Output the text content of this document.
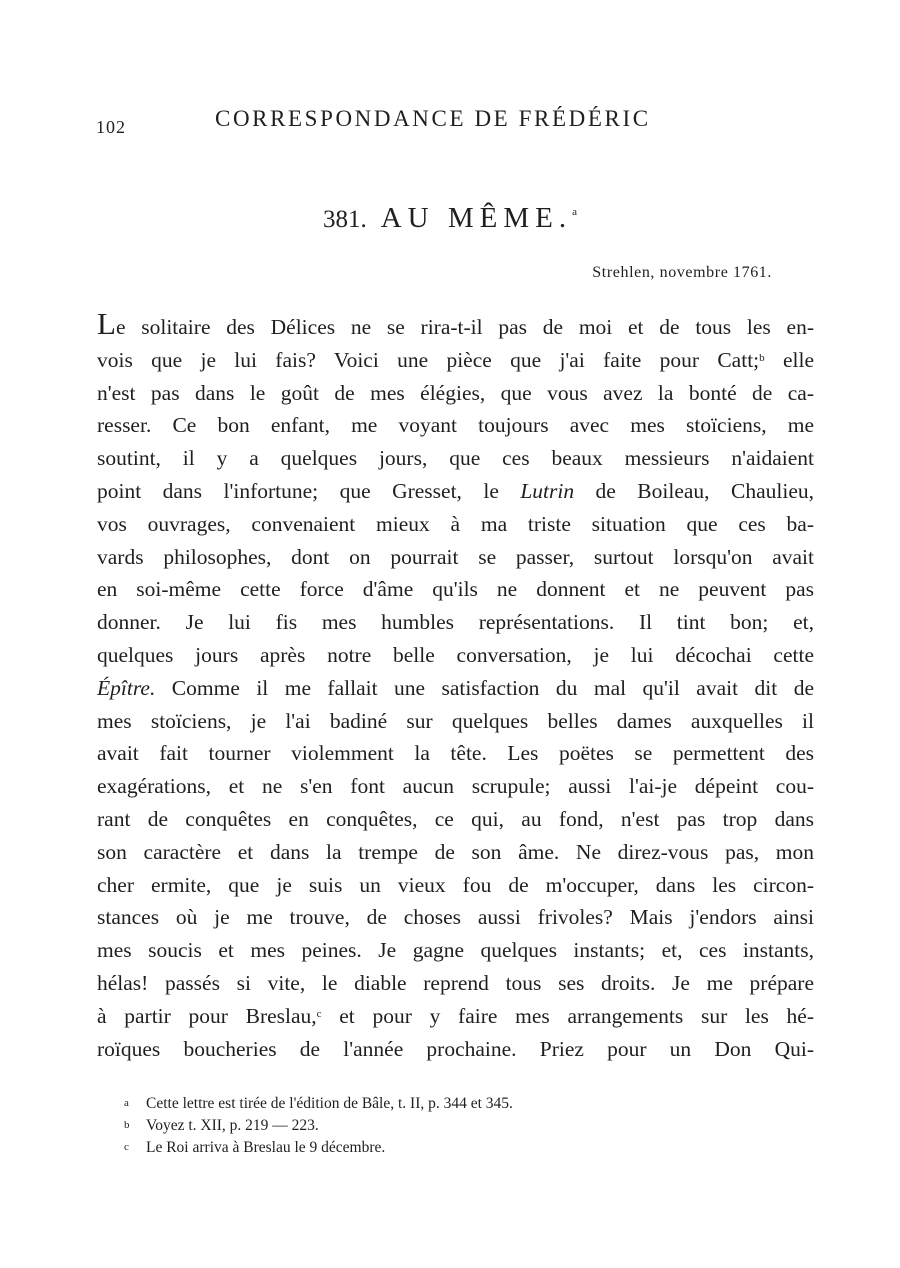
102	CORRESPONDANCE DE FRÉDÉRIC
381. AU MÊME.$^a$
Strehlen, novembre 1761.
Le solitaire des Délices ne se rira-t-il pas de moi et de tous les en-
vois que je lui fais? Voici une pièce que j'ai faite pour Catt;$^b$ elle
n'est pas dans le goût de mes élégies, que vous avez la bonté de ca-
resser. Ce bon enfant, me voyant toujours avec mes stoïciens, me
soutint, il y a quelques jours, que ces beaux messieurs n'aidaient
point dans l'infortune; que Gresset, le Lutrin de Boileau, Chaulieu,
vos ouvrages, convenaient mieux à ma triste situation que ces ba-
vards philosophes, dont on pourrait se passer, surtout lorsqu'on avait
en soi-même cette force d'âme qu'ils ne donnent et ne peuvent pas
donner. Je lui fis mes humbles représentations. Il tint bon; et,
quelques jours après notre belle conversation, je lui décochai cette
Épître. Comme il me fallait une satisfaction du mal qu'il avait dit de
mes stoïciens, je l'ai badiné sur quelques belles dames auxquelles il
avait fait tourner violemment la tête. Les poëtes se permettent des
exagérations, et ne s'en font aucun scrupule; aussi l'ai-je dépeint cou-
rant de conquêtes en conquêtes, ce qui, au fond, n'est pas trop dans
son caractère et dans la trempe de son âme. Ne direz-vous pas, mon
cher ermite, que je suis un vieux fou de m'occuper, dans les circon-
stances où je me trouve, de choses aussi frivoles? Mais j'endors ainsi
mes soucis et mes peines. Je gagne quelques instants; et, ces instants,
hélas! passés si vite, le diable reprend tous ses droits. Je me prépare
à partir pour Breslau,$^c$ et pour y faire mes arrangements sur les hé-
roïques boucheries de l'année prochaine. Priez pour un Don Qui-
a Cette lettre est tirée de l'édition de Bâle, t. II, p. 344 et 345.
b Voyez t. XII, p. 219 — 223.
c Le Roi arriva à Breslau le 9 décembre.
